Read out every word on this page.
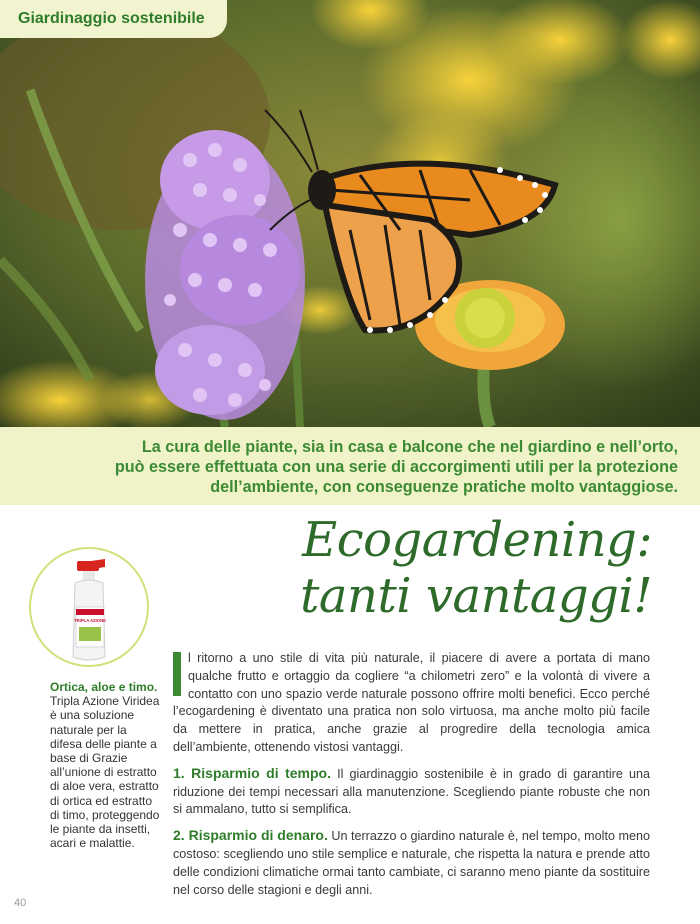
Giardinaggio sostenibile
La cura delle piante, sia in casa e balcone che nel giardino e nell’orto,
può essere effettuata con una serie di accorgimenti utili per la protezione
dell’ambiente, con conseguenze pratiche molto vantaggiose.
Ecogardening:
tanti vantaggi!
TRIPLA AZIONE
Ortica, aloe e timo.
Tripla Azione Viridea è una soluzione naturale per la difesa delle piante a base di Grazie all’unione di estratto di aloe vera, estratto di ortica ed estratto di timo, proteggendo le piante da insetti, acari e malattie.

l ritorno a uno stile di vita più naturale, il piacere di avere a portata di mano qualche frutto e ortaggio da cogliere “a chilometri zero” e la volontà di vivere a contatto con uno spazio verde naturale possono offrire molti benefici. Ecco perché l’ecogardening è diventato una pratica non solo virtuosa, ma anche molto più facile da mettere in pratica, anche grazie al progredire della tecnologia amica dell’ambiente, ottenendo vistosi vantaggi.

1. Risparmio di tempo. Il giardinaggio sostenibile è in grado di garantire una riduzione dei tempi necessari alla manutenzione. Scegliendo piante robuste che non si ammalano, tutto si semplifica.

2. Risparmio di denaro. Un terrazzo o giardino naturale è, nel tempo, molto meno costoso: scegliendo uno stile semplice e naturale, che rispetta la natura e prende atto delle condizioni climatiche ormai tanto cambiate, ci saranno meno piante da sostituire nel corso delle stagioni e degli anni.

40
